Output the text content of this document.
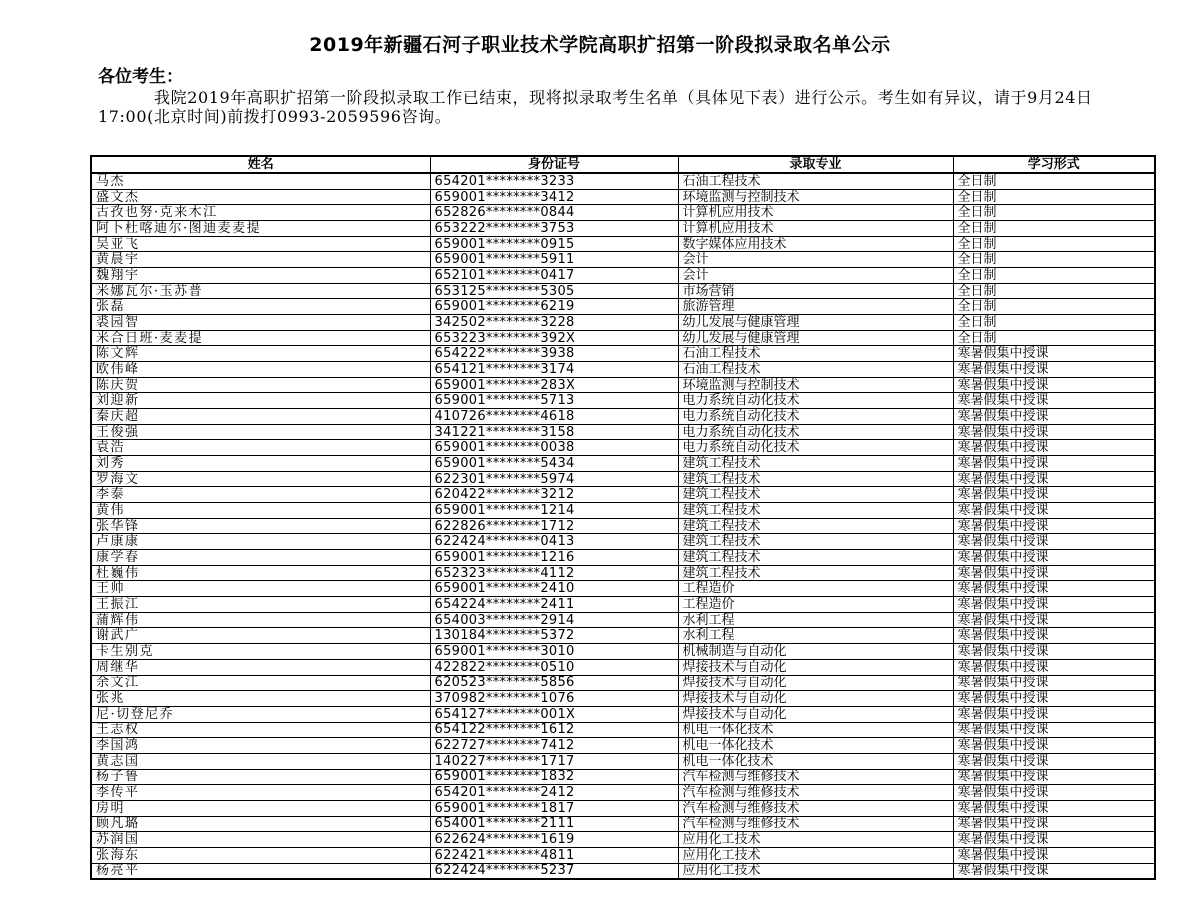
2019年新疆石河子职业技术学院高职扩招第一阶段拟录取名单公示
各位考生：
我院2019年高职扩招第一阶段拟录取工作已结束，现将拟录取考生名单（具体见下表）进行公示。考生如有异议，请于9月24日17:00(北京时间)前拨打0993-2059596咨询。
姓名	身份证号	录取专业	学习形式
马杰	654201********3233	石油工程技术	全日制
盛文杰	659001********3412	环境监测与控制技术	全日制
古孜也努·克来木江	652826********0844	计算机应用技术	全日制
阿卜杜喀迪尔·图迪麦麦提	653222********3753	计算机应用技术	全日制
吴亚飞	659001********0915	数字媒体应用技术	全日制
黄晨宇	659001********5911	会计	全日制
魏翔宇	652101********0417	会计	全日制
米娜瓦尔·玉苏普	653125********5305	市场营销	全日制
张磊	659001********6219	旅游管理	全日制
裘园智	342502********3228	幼儿发展与健康管理	全日制
米合日班·麦麦提	653223********392X	幼儿发展与健康管理	全日制
陈文辉	654222********3938	石油工程技术	寒暑假集中授课
欧伟峰	654121********3174	石油工程技术	寒暑假集中授课
陈庆贺	659001********283X	环境监测与控制技术	寒暑假集中授课
刘迎新	659001********5713	电力系统自动化技术	寒暑假集中授课
秦庆超	410726********4618	电力系统自动化技术	寒暑假集中授课
王俊强	341221********3158	电力系统自动化技术	寒暑假集中授课
袁浩	659001********0038	电力系统自动化技术	寒暑假集中授课
刘秀	659001********5434	建筑工程技术	寒暑假集中授课
罗海文	622301********5974	建筑工程技术	寒暑假集中授课
李泰	620422********3212	建筑工程技术	寒暑假集中授课
黄伟	659001********1214	建筑工程技术	寒暑假集中授课
张华锋	622826********1712	建筑工程技术	寒暑假集中授课
卢康康	622424********0413	建筑工程技术	寒暑假集中授课
康学春	659001********1216	建筑工程技术	寒暑假集中授课
杜巍伟	652323********4112	建筑工程技术	寒暑假集中授课
王帅	659001********2410	工程造价	寒暑假集中授课
王振江	654224********2411	工程造价	寒暑假集中授课
蒲辉伟	654003********2914	水利工程	寒暑假集中授课
谢武广	130184********5372	水利工程	寒暑假集中授课
卡生别克	659001********3010	机械制造与自动化	寒暑假集中授课
周继华	422822********0510	焊接技术与自动化	寒暑假集中授课
余文江	620523********5856	焊接技术与自动化	寒暑假集中授课
张兆	370982********1076	焊接技术与自动化	寒暑假集中授课
尼·切登尼乔	654127********001X	焊接技术与自动化	寒暑假集中授课
王志权	654122********1612	机电一体化技术	寒暑假集中授课
李国鸿	622727********7412	机电一体化技术	寒暑假集中授课
黄志国	140227********1717	机电一体化技术	寒暑假集中授课
杨子鲁	659001********1832	汽车检测与维修技术	寒暑假集中授课
李传平	654201********2412	汽车检测与维修技术	寒暑假集中授课
房明	659001********1817	汽车检测与维修技术	寒暑假集中授课
顾凡璐	654001********2111	汽车检测与维修技术	寒暑假集中授课
苏润国	622624********1619	应用化工技术	寒暑假集中授课
张海东	622421********4811	应用化工技术	寒暑假集中授课
杨亮平	622424********5237	应用化工技术	寒暑假集中授课
